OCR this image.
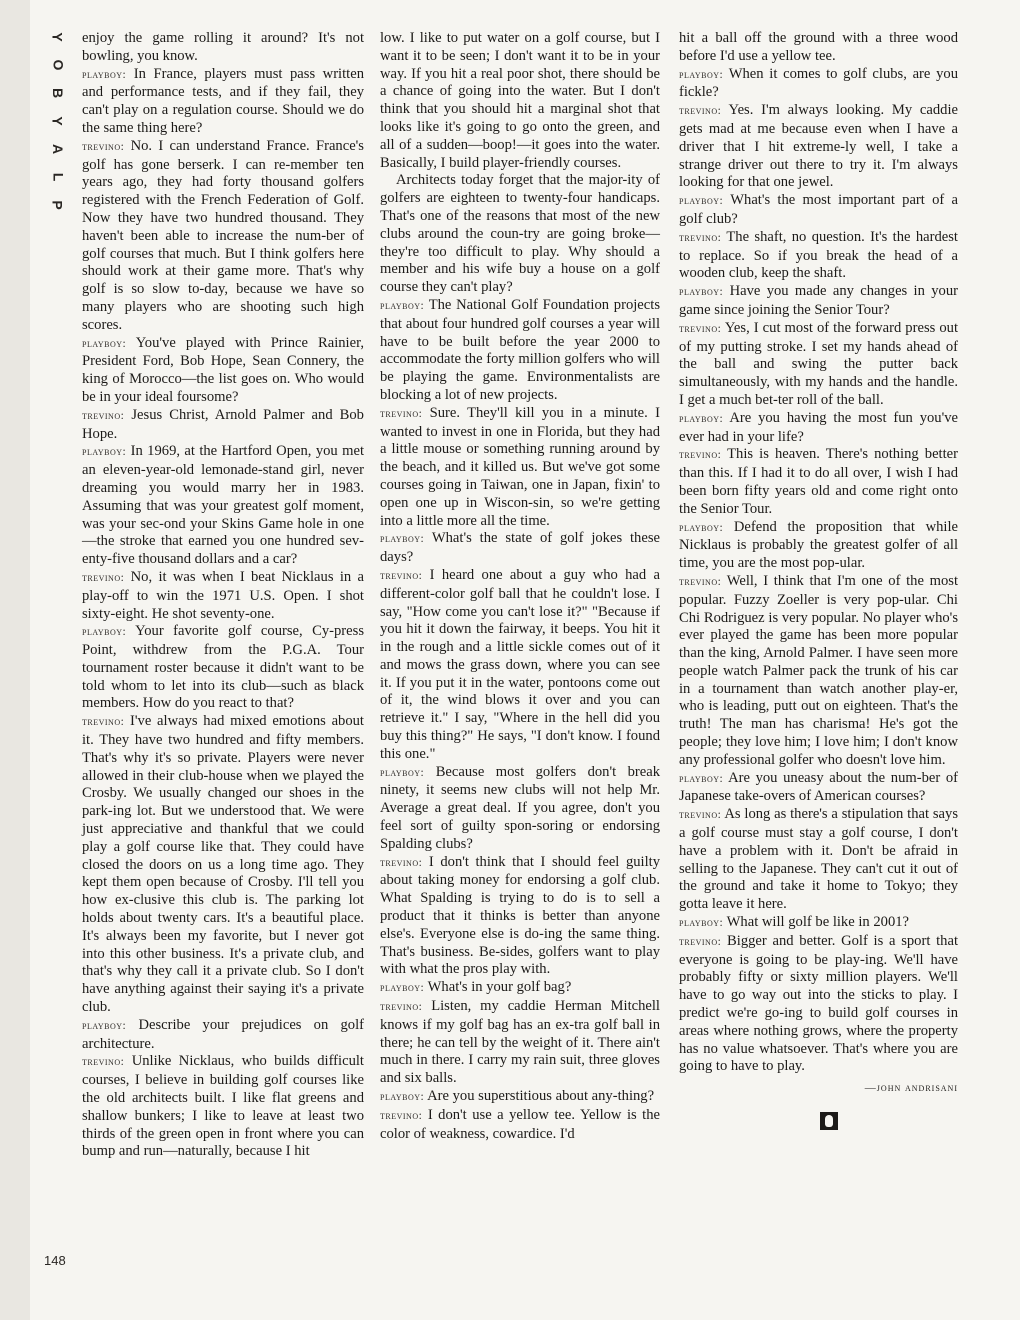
Y
O
B
Y
A
L
P

enjoy the game rolling it around? It's not bowling, you know.

playboy: In France, players must pass written and performance tests, and if they fail, they can't play on a regulation course. Should we do the same thing here?

trevino: No. I can understand France. France's golf has gone berserk. I can re-member ten years ago, they had forty thousand golfers registered with the French Federation of Golf. Now they have two hundred thousand. They haven't been able to increase the num-ber of golf courses that much. But I think golfers here should work at their game more. That's why golf is so slow to-day, because we have so many players who are shooting such high scores.

playboy: You've played with Prince Rainier, President Ford, Bob Hope, Sean Connery, the king of Morocco—the list goes on. Who would be in your ideal foursome?

trevino: Jesus Christ, Arnold Palmer and Bob Hope.

playboy: In 1969, at the Hartford Open, you met an eleven-year-old lemonade-stand girl, never dreaming you would marry her in 1983. Assuming that was your greatest golf moment, was your sec-ond your Skins Game hole in one—the stroke that earned you one hundred sev-enty-five thousand dollars and a car?

trevino: No, it was when I beat Nicklaus in a play-off to win the 1971 U.S. Open. I shot sixty-eight. He shot seventy-one.

playboy: Your favorite golf course, Cy-press Point, withdrew from the P.G.A. Tour tournament roster because it didn't want to be told whom to let into its club—such as black members. How do you react to that?

trevino: I've always had mixed emotions about it. They have two hundred and fifty members. That's why it's so private. Players were never allowed in their club-house when we played the Crosby. We usually changed our shoes in the park-ing lot. But we understood that. We were just appreciative and thankful that we could play a golf course like that. They could have closed the doors on us a long time ago. They kept them open because of Crosby. I'll tell you how ex-clusive this club is. The parking lot holds about twenty cars. It's a beautiful place. It's always been my favorite, but I never got into this other business. It's a private club, and that's why they call it a private club. So I don't have anything against their saying it's a private club.

playboy: Describe your prejudices on golf architecture.

trevino: Unlike Nicklaus, who builds difficult courses, I believe in building golf courses like the old architects built. I like flat greens and shallow bunkers; I like to leave at least two thirds of the green open in front where you can bump and run—naturally, because I hit

low. I like to put water on a golf course, but I want it to be seen; I don't want it to be in your way. If you hit a real poor shot, there should be a chance of going into the water. But I don't think that you should hit a marginal shot that looks like it's going to go onto the green, and all of a sudden—boop!—it goes into the water. Basically, I build player-friendly courses.

Architects today forget that the major-ity of golfers are eighteen to twenty-four handicaps. That's one of the reasons that most of the new clubs around the coun-try are going broke—they're too difficult to play. Why should a member and his wife buy a house on a golf course they can't play?

playboy: The National Golf Foundation projects that about four hundred golf courses a year will have to be built before the year 2000 to accommodate the forty million golfers who will be playing the game. Environmentalists are blocking a lot of new projects.

trevino: Sure. They'll kill you in a minute. I wanted to invest in one in Florida, but they had a little mouse or something running around by the beach, and it killed us. But we've got some courses going in Taiwan, one in Japan, fixin' to open one up in Wiscon-sin, so we're getting into a little more all the time.

playboy: What's the state of golf jokes these days?

trevino: I heard one about a guy who had a different-color golf ball that he couldn't lose. I say, "How come you can't lose it?" "Because if you hit it down the fairway, it beeps. You hit it in the rough and a little sickle comes out of it and mows the grass down, where you can see it. If you put it in the water, pontoons come out of it, the wind blows it over and you can retrieve it." I say, "Where in the hell did you buy this thing?" He says, "I don't know. I found this one."

playboy: Because most golfers don't break ninety, it seems new clubs will not help Mr. Average a great deal. If you agree, don't you feel sort of guilty spon-soring or endorsing Spalding clubs?

trevino: I don't think that I should feel guilty about taking money for endorsing a golf club. What Spalding is trying to do is to sell a product that it thinks is better than anyone else's. Everyone else is do-ing the same thing. That's business. Be-sides, golfers want to play with what the pros play with.

playboy: What's in your golf bag?

trevino: Listen, my caddie Herman Mitchell knows if my golf bag has an ex-tra golf ball in there; he can tell by the weight of it. There ain't much in there. I carry my rain suit, three gloves and six balls.

playboy: Are you superstitious about any-thing?

trevino: I don't use a yellow tee. Yellow is the color of weakness, cowardice. I'd

hit a ball off the ground with a three wood before I'd use a yellow tee.

playboy: When it comes to golf clubs, are you fickle?

trevino: Yes. I'm always looking. My caddie gets mad at me because even when I have a driver that I hit extreme-ly well, I take a strange driver out there to try it. I'm always looking for that one jewel.

playboy: What's the most important part of a golf club?

trevino: The shaft, no question. It's the hardest to replace. So if you break the head of a wooden club, keep the shaft.

playboy: Have you made any changes in your game since joining the Senior Tour?

trevino: Yes, I cut most of the forward press out of my putting stroke. I set my hands ahead of the ball and swing the putter back simultaneously, with my hands and the handle. I get a much bet-ter roll of the ball.

playboy: Are you having the most fun you've ever had in your life?

trevino: This is heaven. There's nothing better than this. If I had it to do all over, I wish I had been born fifty years old and come right onto the Senior Tour.

playboy: Defend the proposition that while Nicklaus is probably the greatest golfer of all time, you are the most pop-ular.

trevino: Well, I think that I'm one of the most popular. Fuzzy Zoeller is very pop-ular. Chi Chi Rodriguez is very popular. No player who's ever played the game has been more popular than the king, Arnold Palmer. I have seen more people watch Palmer pack the trunk of his car in a tournament than watch another play-er, who is leading, putt out on eighteen. That's the truth! The man has charisma! He's got the people; they love him; I love him; I don't know any professional golfer who doesn't love him.

playboy: Are you uneasy about the num-ber of Japanese take-overs of American courses?

trevino: As long as there's a stipulation that says a golf course must stay a golf course, I don't have a problem with it. Don't be afraid in selling to the Japanese. They can't cut it out of the ground and take it home to Tokyo; they gotta leave it here.

playboy: What will golf be like in 2001?

trevino: Bigger and better. Golf is a sport that everyone is going to be play-ing. We'll have probably fifty or sixty million players. We'll have to go way out into the sticks to play. I predict we're go-ing to build golf courses in areas where nothing grows, where the property has no value whatsoever. That's where you are going to have to play.

—john andrisani
148
